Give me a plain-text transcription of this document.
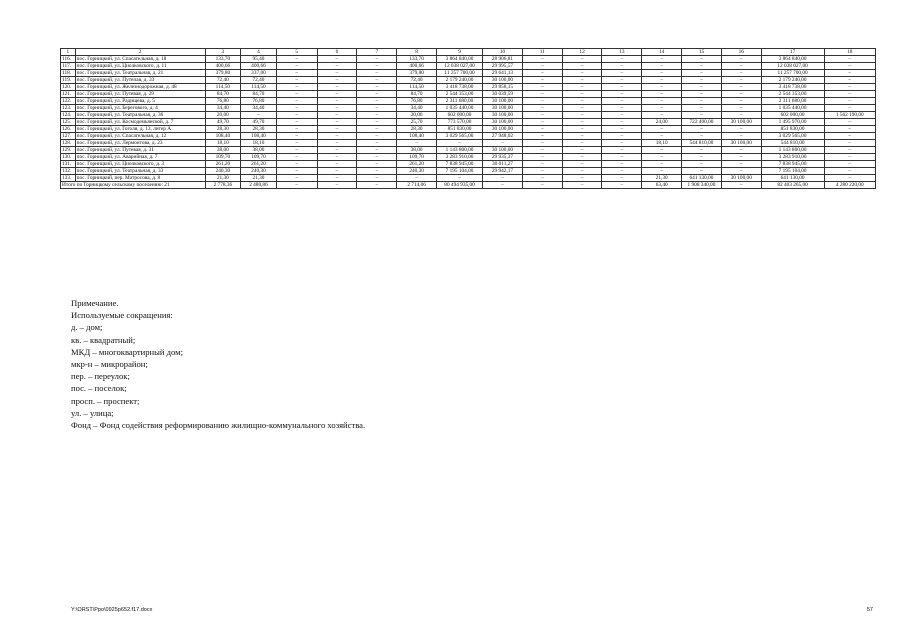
1	2	3	4	5	6	7	8	9	10	11	12	13	14	15	16	17	18
116.	пос. Горницкий, ул. Спасательная, д. 18	133,70	95,40	–	–	–	133,70	3 864 840,00	28 906,81	–	–	–	–	–	–	3 864 840,00	–
117.	пос. Горницкий, ул. Циолковского, д. 11	400,66	400,66	–	–	–	400,66	12 038 027,00	29 995,57	–	–	–	–	–	–	12 038 027,00	–
118.	пос. Горницкий, ул. Театральная, д. 21	379,80	337,00	–	–	–	379,80	11 257 700,00	29 641,13	–	–	–	–	–	–	11 257 700,00	–
119.	пос. Горницкий, ул. Путепая, д. 33	72,40	72,40	–	–	–	72,40	2 179 240,00	30 100,00	–	–	–	–	–	–	2 179 240,00	–
120.	пос. Горницкий, ул. Железнодорожная, д. 48	114,50	114,50	–	–	–	114,50	3 418 738,00	29 858,15	–	–	–	–	–	–	3 418 738,00	–
121.	пос. Горницкий, ул. Путевая, д. 29	84,70	84,70	–	–	–	84,70	2 544 353,00	30 039,59	–	–	–	–	–	–	2 544 353,00	–
122.	пос. Горницкий, ул. Радищева, д. 5	76,80	76,80	–	–	–	76,80	2 311 680,00	30 100,00	–	–	–	–	–	–	2 311 680,00	–
123.	пос. Горницкий, ул. Берегового, д. 4	34,40	34,40	–	–	–	34,40	1 035 440,00	30 100,00	–	–	–	–	–	–	1 035 440,00	–
124.	пос. Горницкий, ул. Театральная, д. 36	20,00	–	–	–	–	20,00	602 000,00	30 100,00	–	–	–	–	–	–	602 000,00	1 562 190,00
125.	пос. Горницкий, ул. Космодемьянской, д. 7	49,70	49,70	–	–	–	25,70	773 570,00	30 100,00	–	–	–	24,00	722 400,00	30 100,00	1 495 970,00	–
126.	пос. Горницкий, ул. Гоголя, д. 13, литер А	28,30	28,30	–	–	–	28,30	851 830,00	30 100,00	–	–	–	–	–	–	851 830,00	–
127.	пос. Горницкий, ул. Спасательная, д. 12	108,40	108,40	–	–	–	108,40	3 029 565,00	27 948,02	–	–	–	–	–	–	3 029 565,00	–
128.	пос. Горницкий, ул. Лермонтова, д. 23	18,10	18,10	–	–	–	–	–	–	–	–	–	18,10	544 810,00	30 100,00	544 810,00	–
129.	пос. Горницкий, ул. Путевая, д. 31	38,00	38,00	–	–	–	38,00	1 143 800,00	30 100,00	–	–	–	–	–	–	1 143 800,00	–
130.	пос. Горницкий, ул. Аварийная, д. 7	109,70	109,70	–	–	–	109,70	3 283 910,00	29 935,37	–	–	–	–	–	–	3 283 910,00	–
131.	пос. Горницкий, ул. Циолковского, д. 3	261,20	261,20	–	–	–	261,20	7 838 945,00	30 011,27	–	–	–	–	–	–	7 838 945,00	–
132.	пос. Горницкий, ул. Театральная, д. 33	240,30	240,30	–	–	–	240,30	7 195 104,00	29 942,17	–	–	–	–	–	–	7 195 104,00	–
133.	пос. Горницкий, пер. Матросова, д. 8	21,30	21,30	–	–	–	–	–	–	–	–	–	21,30	641 130,00	30 100,00	641 130,00	–
Итого по Горницкому сельскому поселению: 21		2 778,36	2 480,86	–	–	–	2 714,06	80 494 935,00	–	–	–	–	63,40	1 908 340,00	–	82 403 265,00	4 280 220,00
Примечание.
Используемые сокращения:
д. – дом;
кв. – квадратный;
МКД – многоквартирный дом;
мкр-н – микрорайон;
пер. – переулок;
пос. – поселок;
просп. – проспект;
ул. – улица;
Фонд – Фонд содействия реформированию жилищно-коммунального хозяйства.
Y:\ORST\Ppo\0925p652.f17.docx	57
